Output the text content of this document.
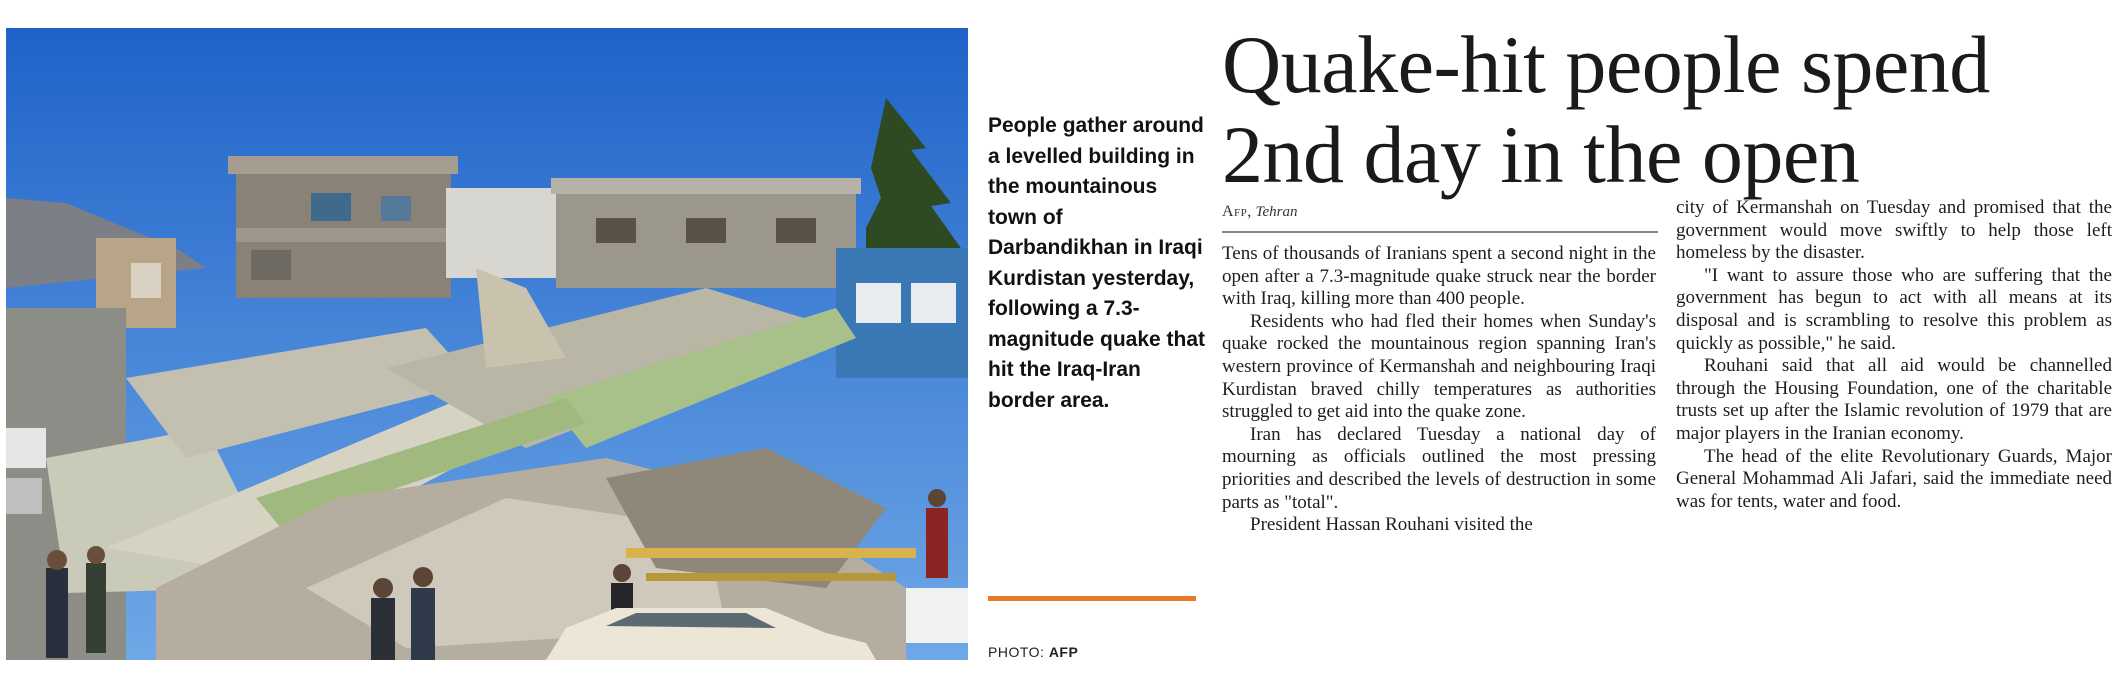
People gather around a levelled building in the mountainous town of Darbandikhan in Iraqi Kurdistan yesterday, following a 7.3-magnitude quake that hit the Iraq-Iran border area.
PHOTO: AFP
Quake-hit people spend
2nd day in the open
Afp, Tehran

Tens of thousands of Iranians spent a second night in the open after a 7.3-magnitude quake struck near the border with Iraq, killing more than 400 people.

Residents who had fled their homes when Sunday's quake rocked the mountainous region spanning Iran's western province of Kermanshah and neighbouring Iraqi Kurdistan braved chilly temperatures as authorities struggled to get aid into the quake zone.

Iran has declared Tuesday a national day of mourning as officials outlined the most pressing priorities and described the levels of destruction in some parts as "total".

President Hassan Rouhani visited the

city of Kermanshah on Tuesday and promised that the government would move swiftly to help those left homeless by the disaster.

"I want to assure those who are suffering that the government has begun to act with all means at its disposal and is scrambling to resolve this problem as quickly as possible," he said.

Rouhani said that all aid would be channelled through the Housing Foundation, one of the charitable trusts set up after the Islamic revolution of 1979 that are major players in the Iranian economy.

The head of the elite Revolutionary Guards, Major General Mohammad Ali Jafari, said the immediate need was for tents, water and food.
